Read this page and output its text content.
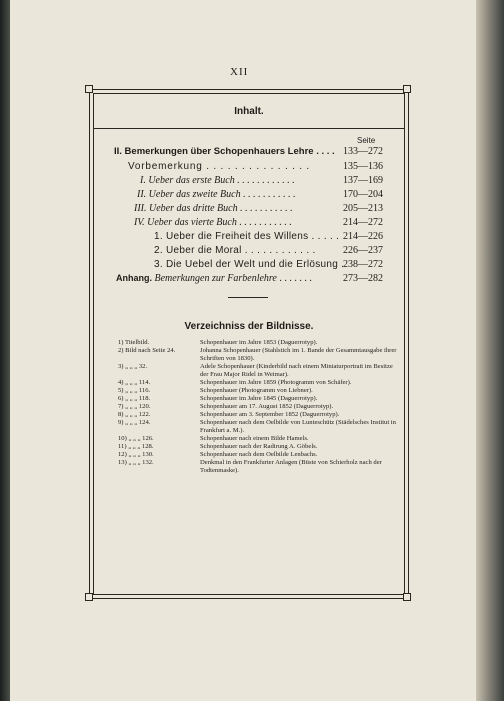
XII
Inhalt.
Seite
II. Bemerkungen über Schopenhauers Lehre . . . . 133—272
Vorbemerkung . . . . . . . . . . . . . . .	135—136
I. Ueber das erste Buch . . . . . . . . . . . .	137—169
II. Ueber das zweite Buch . . . . . . . . . . .	170—204
III. Ueber das dritte Buch . . . . . . . . . . .	205—213
IV. Ueber das vierte Buch . . . . . . . . . . .	214—272
1. Ueber die Freiheit des Willens . . . . . 214—226
2. Ueber die Moral . . . . . . . . . . . .	226—237
3. Die Uebel der Welt und die Erlösung .
238—272
Anhang. Bemerkungen zur Farbenlehre . . . . . . .	273—282
Verzeichniss der Bildnisse.
1) Titelbild.	Schopenhauer im Jahre 1853 (Daguerrotyp).
2) Bild nach Seite 24.	Johanna Schopenhauer (Stahlstich im 1. Bande der Gesammtausgabe ihrer Schriften von 1830).
3) „ „ „ 32.	Adele Schopenhauer (Kinderbild nach einem Miniaturportrait im Besitze der Frau Major Ridel in Weimar).
4) „ „ „ 114.	Schopenhauer im Jahre 1859 (Photogramm von Schäfer).
5) „ „ „ 116.	Schopenhauer (Photogramm von Liebner).
6) „ „ „ 118.	Schopenhauer im Jahre 1845 (Daguerrotyp).
7) „ „ „ 120.	Schopenhauer am 17. August 1852 (Daguerrotyp).
8) „ „ „ 122.	Schopenhauer am 3. September 1852 (Daguerrotyp).
9) „ „ „ 124.	Schopenhauer nach dem Oelbilde von Lunteschütz (Städelsches Institut in Frankfurt a. M.).
10) „ „ „ 126.	Schopenhauer nach einem Bilde Hamels.
11) „ „ „ 128.	Schopenhauer nach der Radirung A. Göbels.
12) „ „ „ 130.	Schopenhauer nach dem Oelbilde Lenbachs.
13) „ „ „ 132.	Denkmal in den Frankfurter Anlagen (Büste von Schierholz nach der Todtenmaske).
